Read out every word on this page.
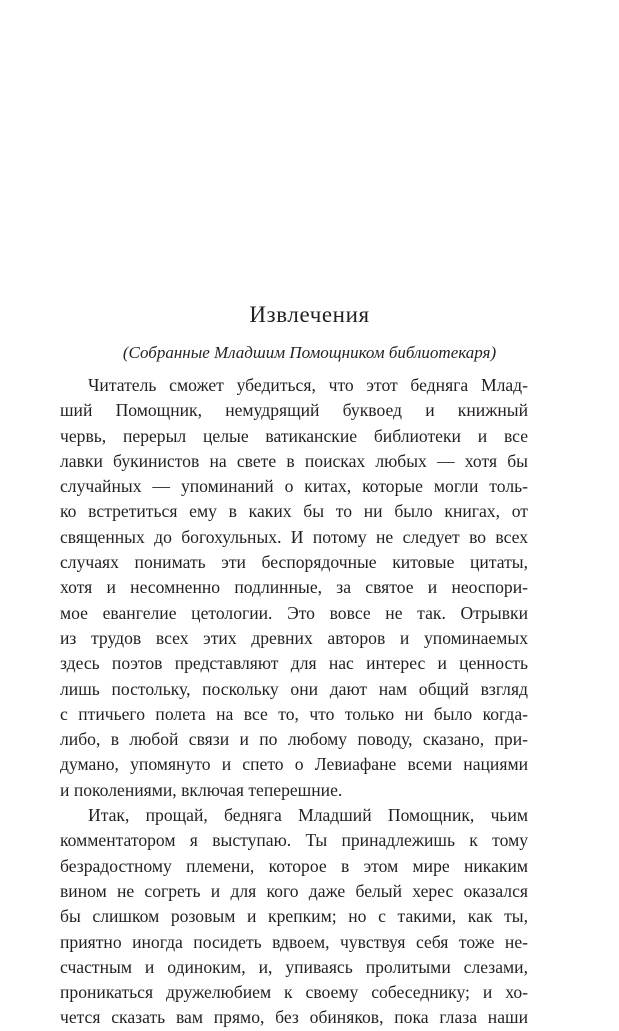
Извлечения

(Собранные Младшим Помощником библиотекаря)

Читатель сможет убедиться, что этот бедняга Млад-
ший Помощник, немудрящий буквоед и книжный
червь, перерыл целые ватиканские библиотеки и все
лавки букинистов на свете в поисках любых — хотя бы
случайных — упоминаний о китах, которые могли толь-
ко встретиться ему в каких бы то ни было книгах, от
священных до богохульных. И потому не следует во всех
случаях понимать эти беспорядочные китовые цитаты,
хотя и несомненно подлинные, за святое и неоспори-
мое евангелие цетологии. Это вовсе не так. Отрывки
из трудов всех этих древних авторов и упоминаемых
здесь поэтов представляют для нас интерес и ценность
лишь постольку, поскольку они дают нам общий взгляд
с птичьего полета на все то, что только ни было когда-
либо, в любой связи и по любому поводу, сказано, при-
думано, упомянуто и спето о Левиафане всеми нациями
и поколениями, включая теперешние.
Итак, прощай, бедняга Младший Помощник, чьим
комментатором я выступаю. Ты принадлежишь к тому
безрадостному племени, которое в этом мире никаким
вином не согреть и для кого даже белый херес оказался
бы слишком розовым и крепким; но с такими, как ты,
приятно иногда посидеть вдвоем, чувствуя себя тоже не-
счастным и одиноким, и, упиваясь пролитыми слезами,
проникаться дружелюбием к своему собеседнику; и хо-
чется сказать вам прямо, без обиняков, пока глаза наши
